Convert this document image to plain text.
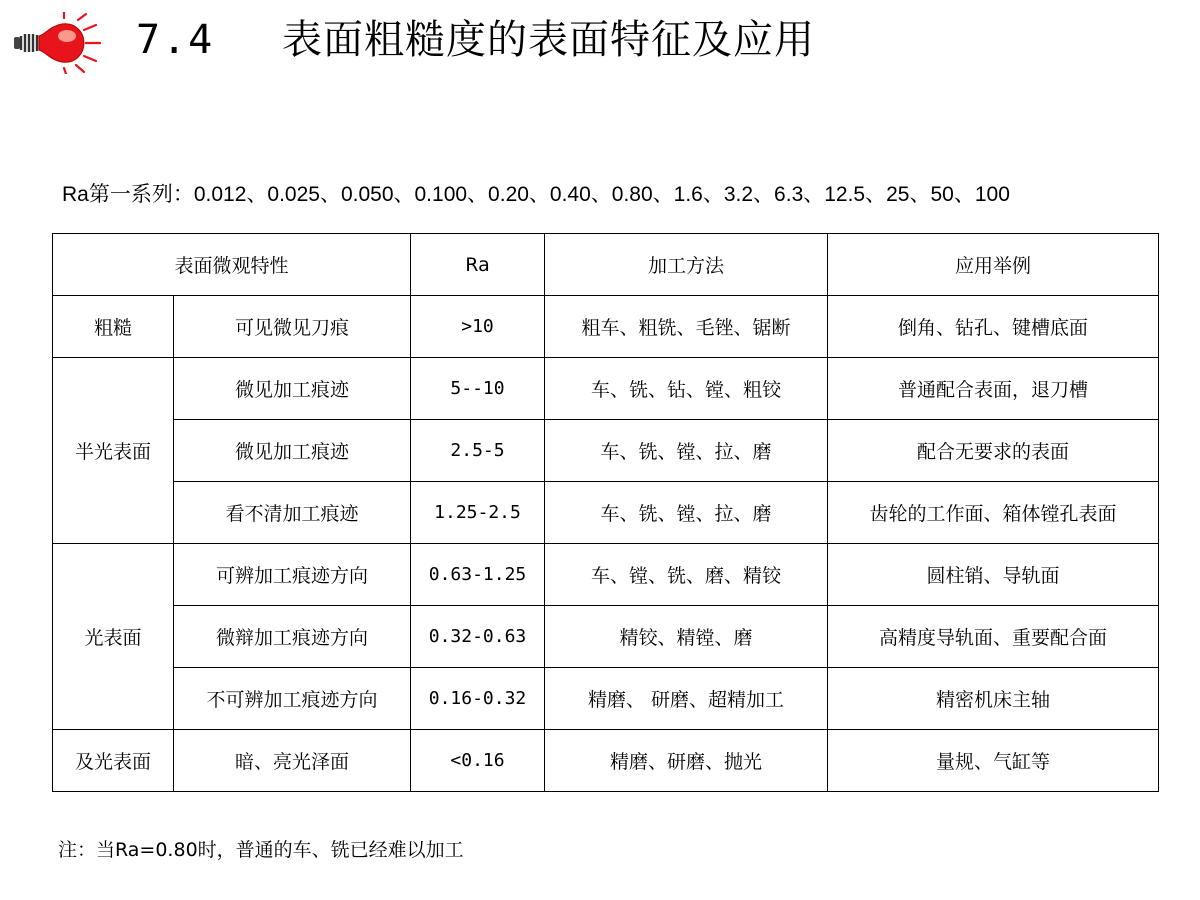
7.4 表面粗糙度的表面特征及应用
Ra第一系列：0.012、0.025、0.050、0.100、0.20、0.40、0.80、1.6、3.2、6.3、12.5、25、50、100
表面微观特性		Ra	加工方法	应用举例
粗糙	可见微见刀痕	>10	粗车、粗铣、毛锉、锯断	倒角、钻孔、键槽底面
半光表面	微见加工痕迹	5--10	车、铣、钻、镗、粗铰	普通配合表面，退刀槽
	微见加工痕迹	2.5-5	车、铣、镗、拉、磨	配合无要求的表面
	看不清加工痕迹	1.25-2.5	车、铣、镗、拉、磨	齿轮的工作面、箱体镗孔表面
光表面	可辨加工痕迹方向	0.63-1.25	车、镗、铣、磨、精铰	圆柱销、导轨面
	微辩加工痕迹方向	0.32-0.63	精铰、精镗、磨	高精度导轨面、重要配合面
	不可辨加工痕迹方向	0.16-0.32	精磨、 研磨、超精加工	精密机床主轴
及光表面	暗、亮光泽面	<0.16	精磨、研磨、抛光	量规、气缸等
注：当Ra=0.80时，普通的车、铣已经难以加工
